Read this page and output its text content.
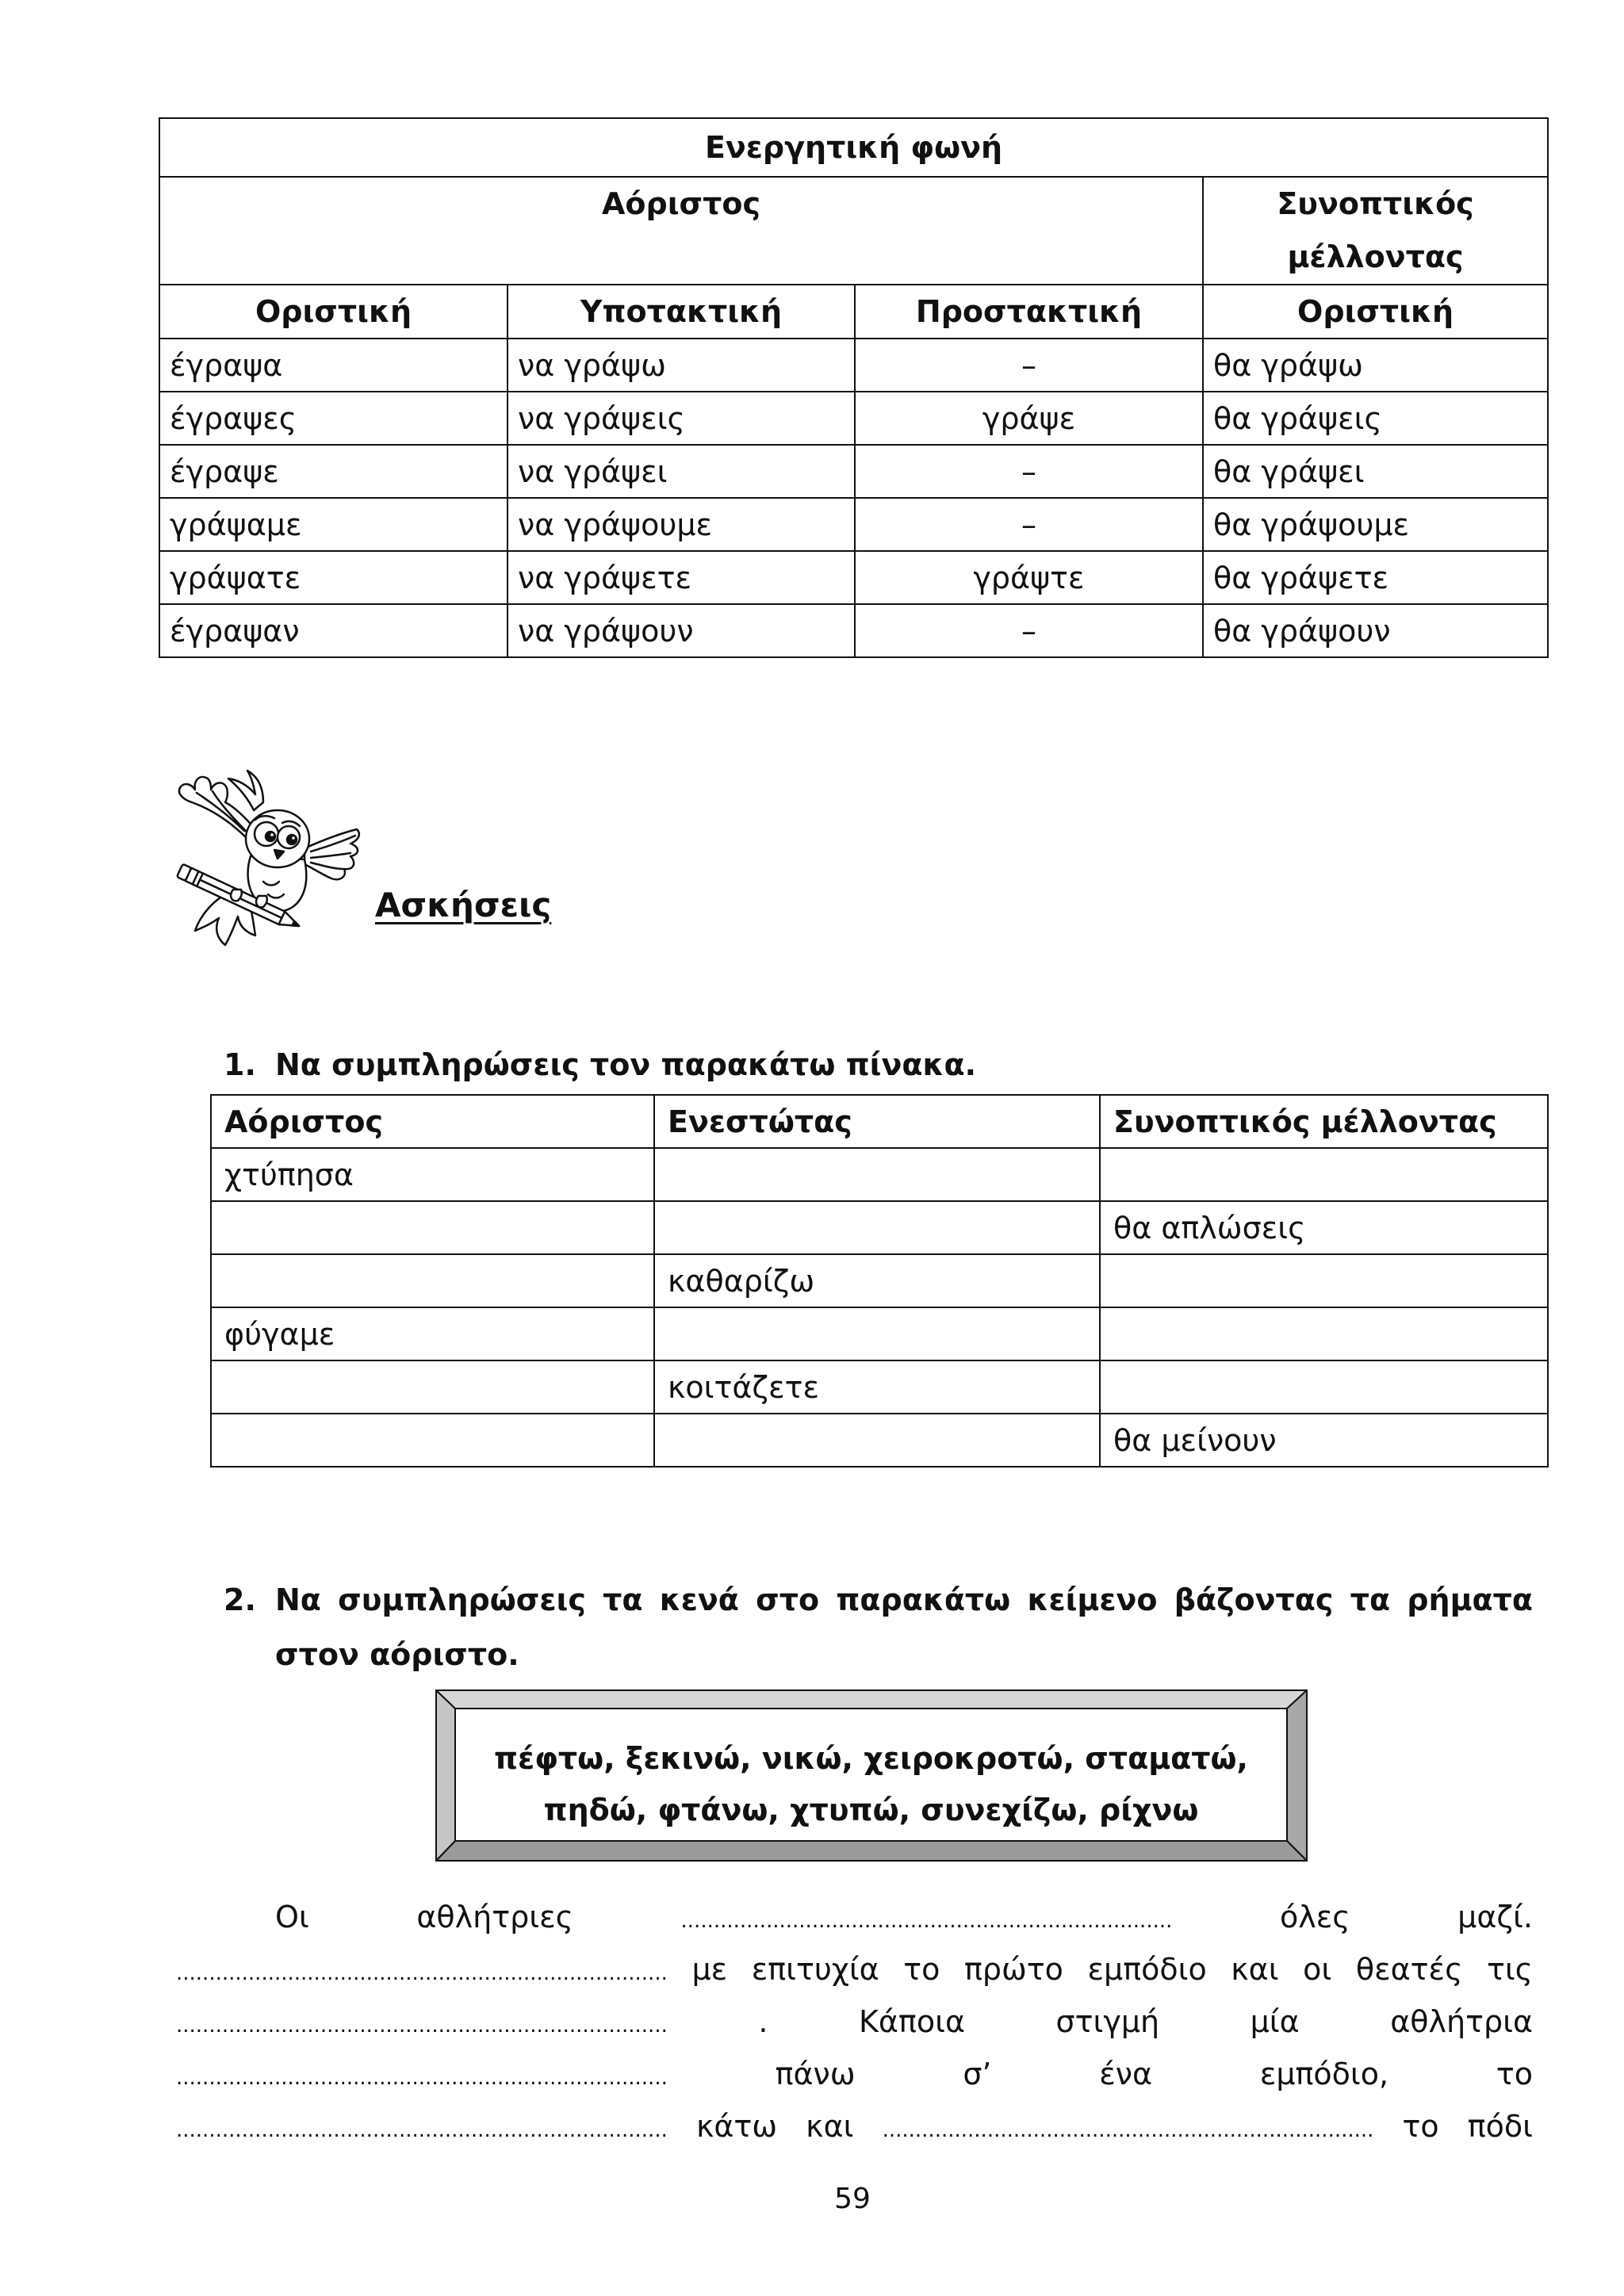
Ενεργητική φωνή			
Αόριστος			Συνοπτικός
μέλλοντας

Οριστική	Υποτακτική	Προστακτική	Οριστική
έγραψα	να γράψω	–	θα γράψω
έγραψες	να γράψεις	γράψε	θα γράψεις
έγραψε	να γράψει	–	θα γράψει
γράψαμε	να γράψουμε	–	θα γράψουμε
γράψατε	να γράψετε	γράψτε	θα γράψετε
έγραψαν	να γράψουν	–	θα γράψουν
Ασκήσεις
1. Να συμπληρώσεις τον παρακάτω πίνακα.
Αόριστος	Ενεστώτας	Συνοπτικός μέλλοντας
χτύπησα		
		θα απλώσεις
	καθαρίζω	
φύγαμε		
	κοιτάζετε	
		θα μείνουν
2. Να συμπληρώσεις τα κενά στο παρακάτω κείμενο βάζοντας τα ρήματα
στον αόριστο.
πέφτω, ξεκινώ, νικώ, χειροκροτώ, σταματώ,
πηδώ, φτάνω, χτυπώ, συνεχίζω, ρίχνω
Οι αθλήτριες	...........................................................................	όλες μαζί.
........................................................................... με επιτυχία το πρώτο εμπόδιο και οι θεατές τις
...........................................................................	. Κάποια στιγμή μία αθλήτρια
...........................................................................	πάνω σ’ ένα εμπόδιο, το
........................................................................... κάτω και ........................................................................... το πόδι
59
